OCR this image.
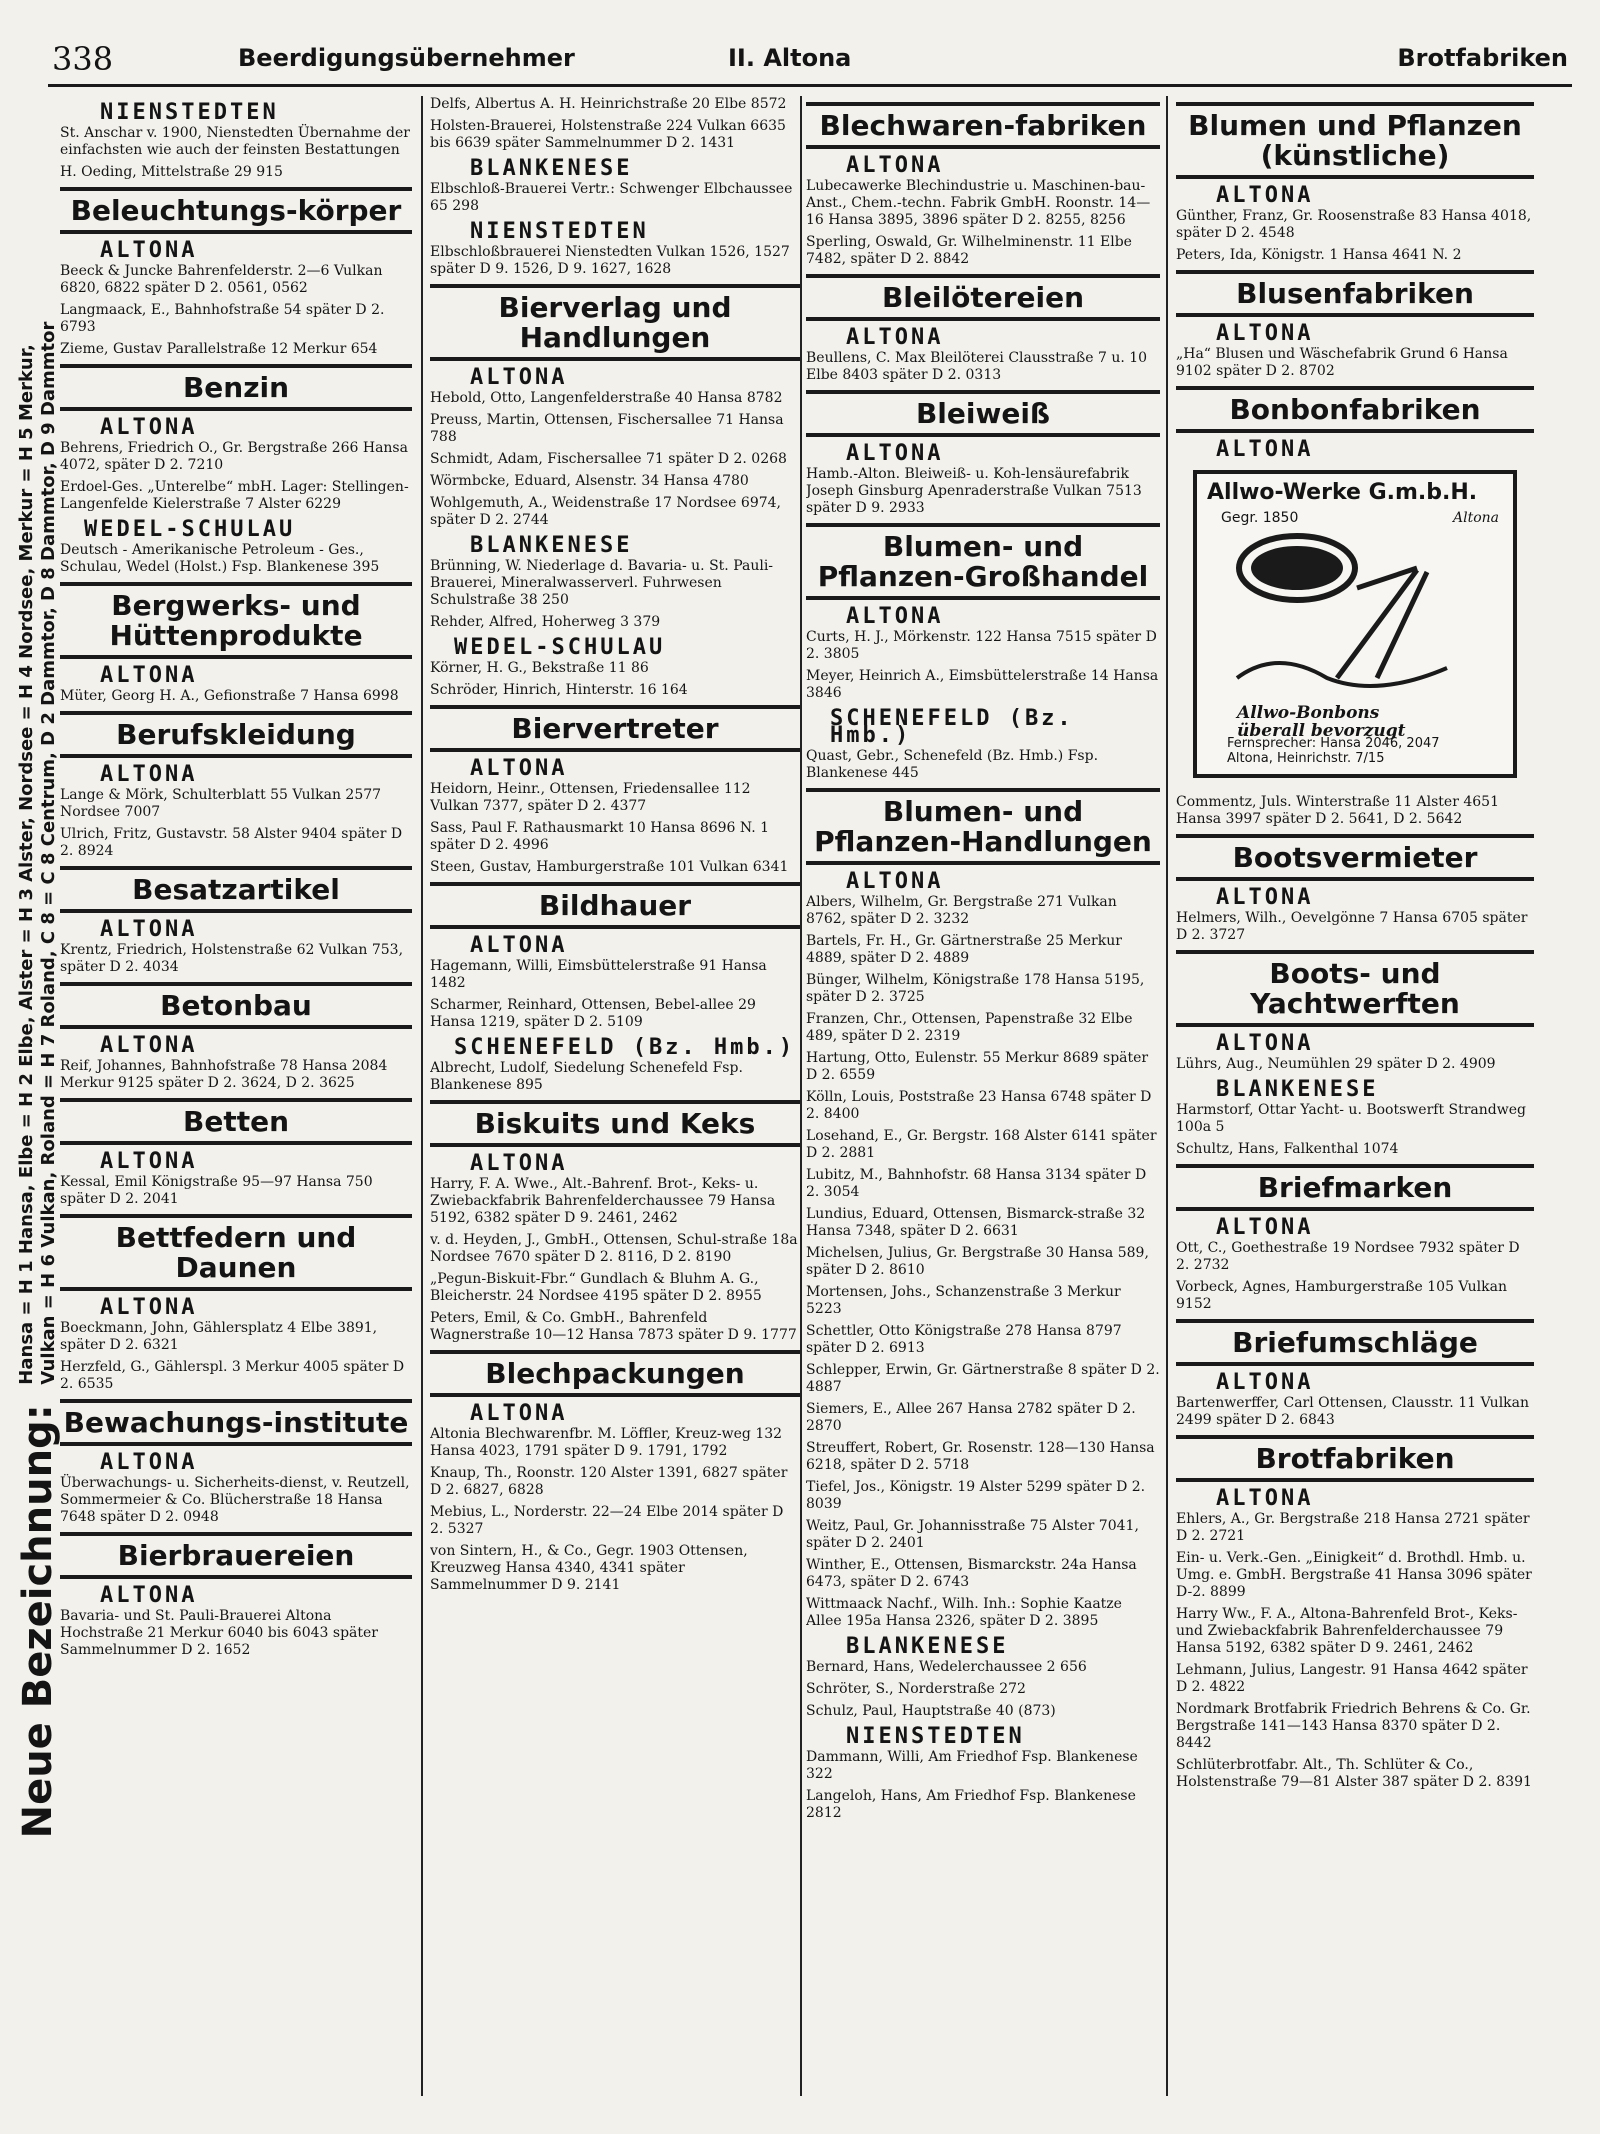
338	Beerdigungsübernehmer	II. Altona	Brotfabriken
Neue Bezeichnung: Hansa = H 1 Hansa, Elbe = H 2 Elbe, Alster = H 3 Alster, Nordsee = H 4 Nordsee, Merkur = H 5 Merkur,
Vulkan = H 6 Vulkan, Roland = H 7 Roland, C 8 = C 8 Centrum, D 2 Dammtor, D 8 Dammtor, D 9 Dammtor
NIENSTEDTEN
St. Anschar v. 1900, Nienstedten Übernahme der einfachsten wie auch der feinsten Bestattungen
H. Oeding, Mittelstraße 29 915
Beleuchtungs-körper
ALTONA
Beeck & Juncke Bahrenfelderstr. 2—6 Vulkan 6820, 6822 später D 2. 0561, 0562
Langmaack, E., Bahnhofstraße 54 später D 2. 6793
Zieme, Gustav Parallelstraße 12 Merkur 654
Benzin
ALTONA
Behrens, Friedrich O., Gr. Bergstraße 266 Hansa 4072, später D 2. 7210
Erdoel-Ges. „Unterelbe“ mbH. Lager: Stellingen-Langenfelde Kielerstraße 7 Alster 6229
WEDEL-SCHULAU
Deutsch - Amerikanische Petroleum - Ges., Schulau, Wedel (Holst.) Fsp. Blankenese 395
Bergwerks- und Hüttenprodukte
ALTONA
Müter, Georg H. A., Gefionstraße 7 Hansa 6998
Berufskleidung
ALTONA
Lange & Mörk, Schulterblatt 55 Vulkan 2577 Nordsee 7007
Ulrich, Fritz, Gustavstr. 58 Alster 9404 später D 2. 8924
Besatzartikel
ALTONA
Krentz, Friedrich, Holstenstraße 62 Vulkan 753, später D 2. 4034
Betonbau
ALTONA
Reif, Johannes, Bahnhofstraße 78 Hansa 2084 Merkur 9125 später D 2. 3624, D 2. 3625
Betten
ALTONA
Kessal, Emil Königstraße 95—97 Hansa 750 später D 2. 2041
Bettfedern und Daunen
ALTONA
Boeckmann, John, Gählersplatz 4 Elbe 3891, später D 2. 6321
Herzfeld, G., Gählerspl. 3 Merkur 4005 später D 2. 6535
Bewachungs-institute
ALTONA
Überwachungs- u. Sicherheits-dienst, v. Reutzell, Sommermeier & Co. Blücherstraße 18 Hansa 7648 später D 2. 0948
Bierbrauereien
ALTONA
Bavaria- und St. Pauli-Brauerei Altona Hochstraße 21 Merkur 6040 bis 6043 später Sammelnummer D 2. 1652
Delfs, Albertus A. H. Heinrichstraße 20 Elbe 8572
Holsten-Brauerei, Holstenstraße 224 Vulkan 6635 bis 6639 später Sammelnummer D 2. 1431
BLANKENESE
Elbschloß-Brauerei Vertr.: Schwenger Elbchaussee 65 298
NIENSTEDTEN
Elbschloßbrauerei Nienstedten Vulkan 1526, 1527 später D 9. 1526, D 9. 1627, 1628
Bierverlag und Handlungen
ALTONA
Hebold, Otto, Langenfelderstraße 40 Hansa 8782
Preuss, Martin, Ottensen, Fischersallee 71 Hansa 788
Schmidt, Adam, Fischersallee 71 später D 2. 0268
Wörmbcke, Eduard, Alsenstr. 34 Hansa 4780
Wohlgemuth, A., Weidenstraße 17 Nordsee 6974, später D 2. 2744
BLANKENESE
Brünning, W. Niederlage d. Bavaria- u. St. Pauli-Brauerei, Mineralwasserverl. Fuhrwesen Schulstraße 38 250
Rehder, Alfred, Hoherweg 3 379
WEDEL-SCHULAU
Körner, H. G., Bekstraße 11 86
Schröder, Hinrich, Hinterstr. 16 164
Biervertreter
ALTONA
Heidorn, Heinr., Ottensen, Friedensallee 112 Vulkan 7377, später D 2. 4377
Sass, Paul F. Rathausmarkt 10 Hansa 8696 N. 1 später D 2. 4996
Steen, Gustav, Hamburgerstraße 101 Vulkan 6341
Bildhauer
ALTONA
Hagemann, Willi, Eimsbüttelerstraße 91 Hansa 1482
Scharmer, Reinhard, Ottensen, Bebel-allee 29 Hansa 1219, später D 2. 5109
SCHENEFELD (Bz. Hmb.)
Albrecht, Ludolf, Siedelung Schenefeld Fsp. Blankenese 895
Biskuits und Keks
ALTONA
Harry, F. A. Wwe., Alt.-Bahrenf. Brot-, Keks- u. Zwiebackfabrik Bahrenfelderchaussee 79 Hansa 5192, 6382 später D 9. 2461, 2462
v. d. Heyden, J., GmbH., Ottensen, Schul-straße 18a Nordsee 7670 später D 2. 8116, D 2. 8190
„Pegun-Biskuit-Fbr.“ Gundlach & Bluhm A. G., Bleicherstr. 24 Nordsee 4195 später D 2. 8955
Peters, Emil, & Co. GmbH., Bahrenfeld Wagnerstraße 10—12 Hansa 7873 später D 9. 1777
Blechpackungen
ALTONA
Altonia Blechwarenfbr. M. Löffler, Kreuz-weg 132 Hansa 4023, 1791 später D 9. 1791, 1792
Knaup, Th., Roonstr. 120 Alster 1391, 6827 später D 2. 6827, 6828
Mebius, L., Norderstr. 22—24 Elbe 2014 später D 2. 5327
von Sintern, H., & Co., Gegr. 1903 Ottensen, Kreuzweg Hansa 4340, 4341 später Sammelnummer D 9. 2141
Blechwaren-fabriken
ALTONA
Lubecawerke Blechindustrie u. Maschinen-bau-Anst., Chem.-techn. Fabrik GmbH. Roonstr. 14—16 Hansa 3895, 3896 später D 2. 8255, 8256
Sperling, Oswald, Gr. Wilhelminenstr. 11 Elbe 7482, später D 2. 8842
Bleilötereien
ALTONA
Beullens, C. Max Bleilöterei Clausstraße 7 u. 10 Elbe 8403 später D 2. 0313
Bleiweiß
ALTONA
Hamb.-Alton. Bleiweiß- u. Koh-lensäurefabrik Joseph Ginsburg Apenraderstraße Vulkan 7513 später D 9. 2933
Blumen- und Pflanzen-Großhandel
ALTONA
Curts, H. J., Mörkenstr. 122 Hansa 7515 später D 2. 3805
Meyer, Heinrich A., Eimsbüttelerstraße 14 Hansa 3846
SCHENEFELD (Bz. Hmb.)
Quast, Gebr., Schenefeld (Bz. Hmb.) Fsp. Blankenese 445
Blumen- und Pflanzen-Handlungen
ALTONA
Albers, Wilhelm, Gr. Bergstraße 271 Vulkan 8762, später D 2. 3232
Bartels, Fr. H., Gr. Gärtnerstraße 25 Merkur 4889, später D 2. 4889
Bünger, Wilhelm, Königstraße 178 Hansa 5195, später D 2. 3725
Franzen, Chr., Ottensen, Papenstraße 32 Elbe 489, später D 2. 2319
Hartung, Otto, Eulenstr. 55 Merkur 8689 später D 2. 6559
Kölln, Louis, Poststraße 23 Hansa 6748 später D 2. 8400
Losehand, E., Gr. Bergstr. 168 Alster 6141 später D 2. 2881
Lubitz, M., Bahnhofstr. 68 Hansa 3134 später D 2. 3054
Lundius, Eduard, Ottensen, Bismarck-straße 32 Hansa 7348, später D 2. 6631
Michelsen, Julius, Gr. Bergstraße 30 Hansa 589, später D 2. 8610
Mortensen, Johs., Schanzenstraße 3 Merkur 5223
Schettler, Otto Königstraße 278 Hansa 8797 später D 2. 6913
Schlepper, Erwin, Gr. Gärtnerstraße 8 später D 2. 4887
Siemers, E., Allee 267 Hansa 2782 später D 2. 2870
Streuffert, Robert, Gr. Rosenstr. 128—130 Hansa 6218, später D 2. 5718
Tiefel, Jos., Königstr. 19 Alster 5299 später D 2. 8039
Weitz, Paul, Gr. Johannisstraße 75 Alster 7041, später D 2. 2401
Winther, E., Ottensen, Bismarckstr. 24a Hansa 6473, später D 2. 6743
Wittmaack Nachf., Wilh. Inh.: Sophie Kaatze Allee 195a Hansa 2326, später D 2. 3895
BLANKENESE
Bernard, Hans, Wedelerchaussee 2 656
Schröter, S., Norderstraße 272
Schulz, Paul, Hauptstraße 40 (873)
NIENSTEDTEN
Dammann, Willi, Am Friedhof Fsp. Blankenese 322
Langeloh, Hans, Am Friedhof Fsp. Blankenese 2812
Blumen und Pflanzen (künstliche)
ALTONA
Günther, Franz, Gr. Roosenstraße 83 Hansa 4018, später D 2. 4548
Peters, Ida, Königstr. 1 Hansa 4641 N. 2
Blusenfabriken
ALTONA
„Ha“ Blusen und Wäschefabrik Grund 6 Hansa 9102 später D 2. 8702
Bonbonfabriken
ALTONA
Allwo-Werke G.m.b.H.
Gegr. 1850	Altona
Allwo-Bonbons
überall bevorzugt
Fernsprecher: Hansa 2046, 2047
Altona, Heinrichstr. 7/15
Commentz, Juls. Winterstraße 11 Alster 4651 Hansa 3997 später D 2. 5641, D 2. 5642
Bootsvermieter
ALTONA
Helmers, Wilh., Oevelgönne 7 Hansa 6705 später D 2. 3727
Boots- und Yachtwerften
ALTONA
Lührs, Aug., Neumühlen 29 später D 2. 4909
BLANKENESE
Harmstorf, Ottar Yacht- u. Bootswerft Strandweg 100a 5
Schultz, Hans, Falkenthal 1074
Briefmarken
ALTONA
Ott, C., Goethestraße 19 Nordsee 7932 später D 2. 2732
Vorbeck, Agnes, Hamburgerstraße 105 Vulkan 9152
Briefumschläge
ALTONA
Bartenwerffer, Carl Ottensen, Clausstr. 11 Vulkan 2499 später D 2. 6843
Brotfabriken
ALTONA
Ehlers, A., Gr. Bergstraße 218 Hansa 2721 später D 2. 2721
Ein- u. Verk.-Gen. „Einigkeit“ d. Brothdl. Hmb. u. Umg. e. GmbH. Bergstraße 41 Hansa 3096 später D-2. 8899
Harry Ww., F. A., Altona-Bahrenfeld Brot-, Keks- und Zwiebackfabrik Bahrenfelderchaussee 79 Hansa 5192, 6382 später D 9. 2461, 2462
Lehmann, Julius, Langestr. 91 Hansa 4642 später D 2. 4822
Nordmark Brotfabrik Friedrich Behrens & Co. Gr. Bergstraße 141—143 Hansa 8370 später D 2. 8442
Schlüterbrotfabr. Alt., Th. Schlüter & Co., Holstenstraße 79—81 Alster 387 später D 2. 8391
